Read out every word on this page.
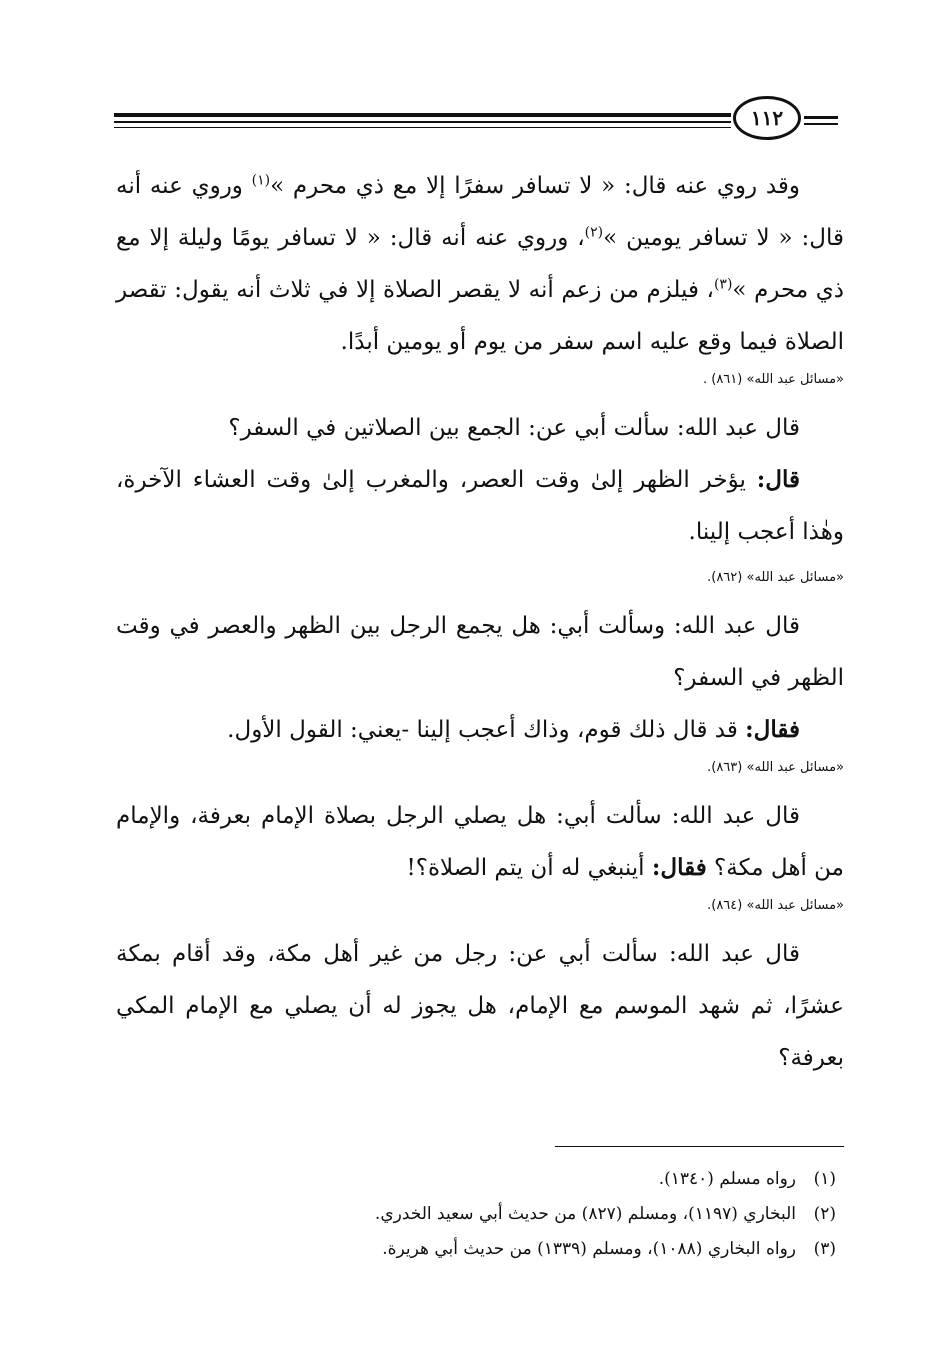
١١٢

وقد روي عنه قال: « لا تسافر سفرًا إلا مع ذي محرم »$^{(١)}$ وروي عنه أنه قال: « لا تسافر يومين »$^{(٢)}$، وروي عنه أنه قال: « لا تسافر يومًا وليلة إلا مع ذي محرم »$^{(٣)}$، فيلزم من زعم أنه لا يقصر الصلاة إلا في ثلاث أنه يقول: تقصر الصلاة فيما وقع عليه اسم سفر من يوم أو يومين أبدًا.

«مسائل عبد الله» (٨٦١) .

قال عبد الله: سألت أبي عن: الجمع بين الصلاتين في السفر؟

قال: يؤخر الظهر إلىٰ وقت العصر، والمغرب إلىٰ وقت العشاء الآخرة، وهٰذا أعجب إلينا.

«مسائل عبد الله» (٨٦٢).

قال عبد الله: وسألت أبي: هل يجمع الرجل بين الظهر والعصر في وقت الظهر في السفر؟

فقال: قد قال ذلك قوم، وذاك أعجب إلينا -يعني: القول الأول.

«مسائل عبد الله» (٨٦٣).

قال عبد الله: سألت أبي: هل يصلي الرجل بصلاة الإمام بعرفة، والإمام من أهل مكة؟ فقال: أينبغي له أن يتم الصلاة؟!

«مسائل عبد الله» (٨٦٤).

قال عبد الله: سألت أبي عن: رجل من غير أهل مكة، وقد أقام بمكة عشرًا، ثم شهد الموسم مع الإمام، هل يجوز له أن يصلي مع الإمام المكي بعرفة؟

(١)رواه مسلم (١٣٤٠).

(٢)البخاري (١١٩٧)، ومسلم (٨٢٧) من حديث أبي سعيد الخدري.

(٣)رواه البخاري (١٠٨٨)، ومسلم (١٣٣٩) من حديث أبي هريرة.
